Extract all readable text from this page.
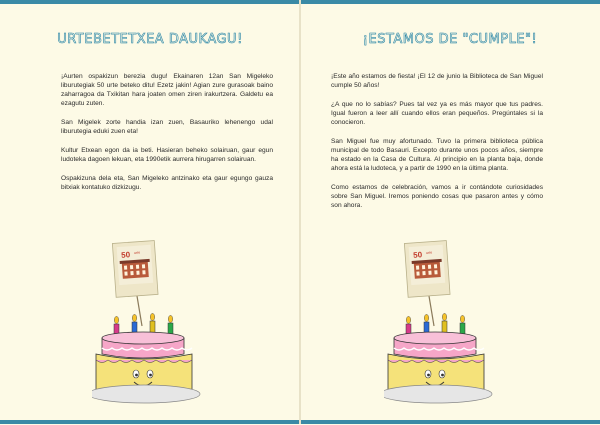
URTEBETETXEA DAUKAGU!

¡Aurten ospakizun berezia dugu! Ekainaren 12an San Migeleko liburutegiak 50 urte beteko ditu! Ezetz jakin! Agian zure gurasoak baino zaharragoa da Txikitan hara joaten omen ziren irakurtzera. Galdetu ea ezagutu zuten.

San Migelek zorte handia izan zuen, Basauriko lehenengo udal liburutegia eduki zuen eta!

Kultur Etxean egon da ia beti. Hasieran beheko solairuan, gaur egun ludoteka dagoen lekuan, eta 1990etik aurrera hirugarren solairuan.

Ospakizuna dela eta, San Migeleko antzinako eta gaur egungo gauza bitxiak kontatuko dizkizugu.

50 urte
¡ESTAMOS DE "CUMPLE"!

¡Este año estamos de fiesta! ¡El 12 de junio la Biblioteca de San Miguel cumple 50 años!

¿A que no lo sabías? Pues tal vez ya es más mayor que tus padres. Igual fueron a leer allí cuando ellos eran pequeños. Pregúntales si la conocieron.

San Miguel fue muy afortunado. Tuvo la primera biblioteca pública municipal de todo Basauri. Excepto durante unos pocos años, siempre ha estado en la Casa de Cultura. Al principio en la planta baja, donde ahora está la ludoteca, y a partir de 1990 en la última planta.

Como estamos de celebración, vamos a ir contándote curiosidades sobre San Miguel. Iremos poniendo cosas que pasaron antes y cómo son ahora.

50 urte
